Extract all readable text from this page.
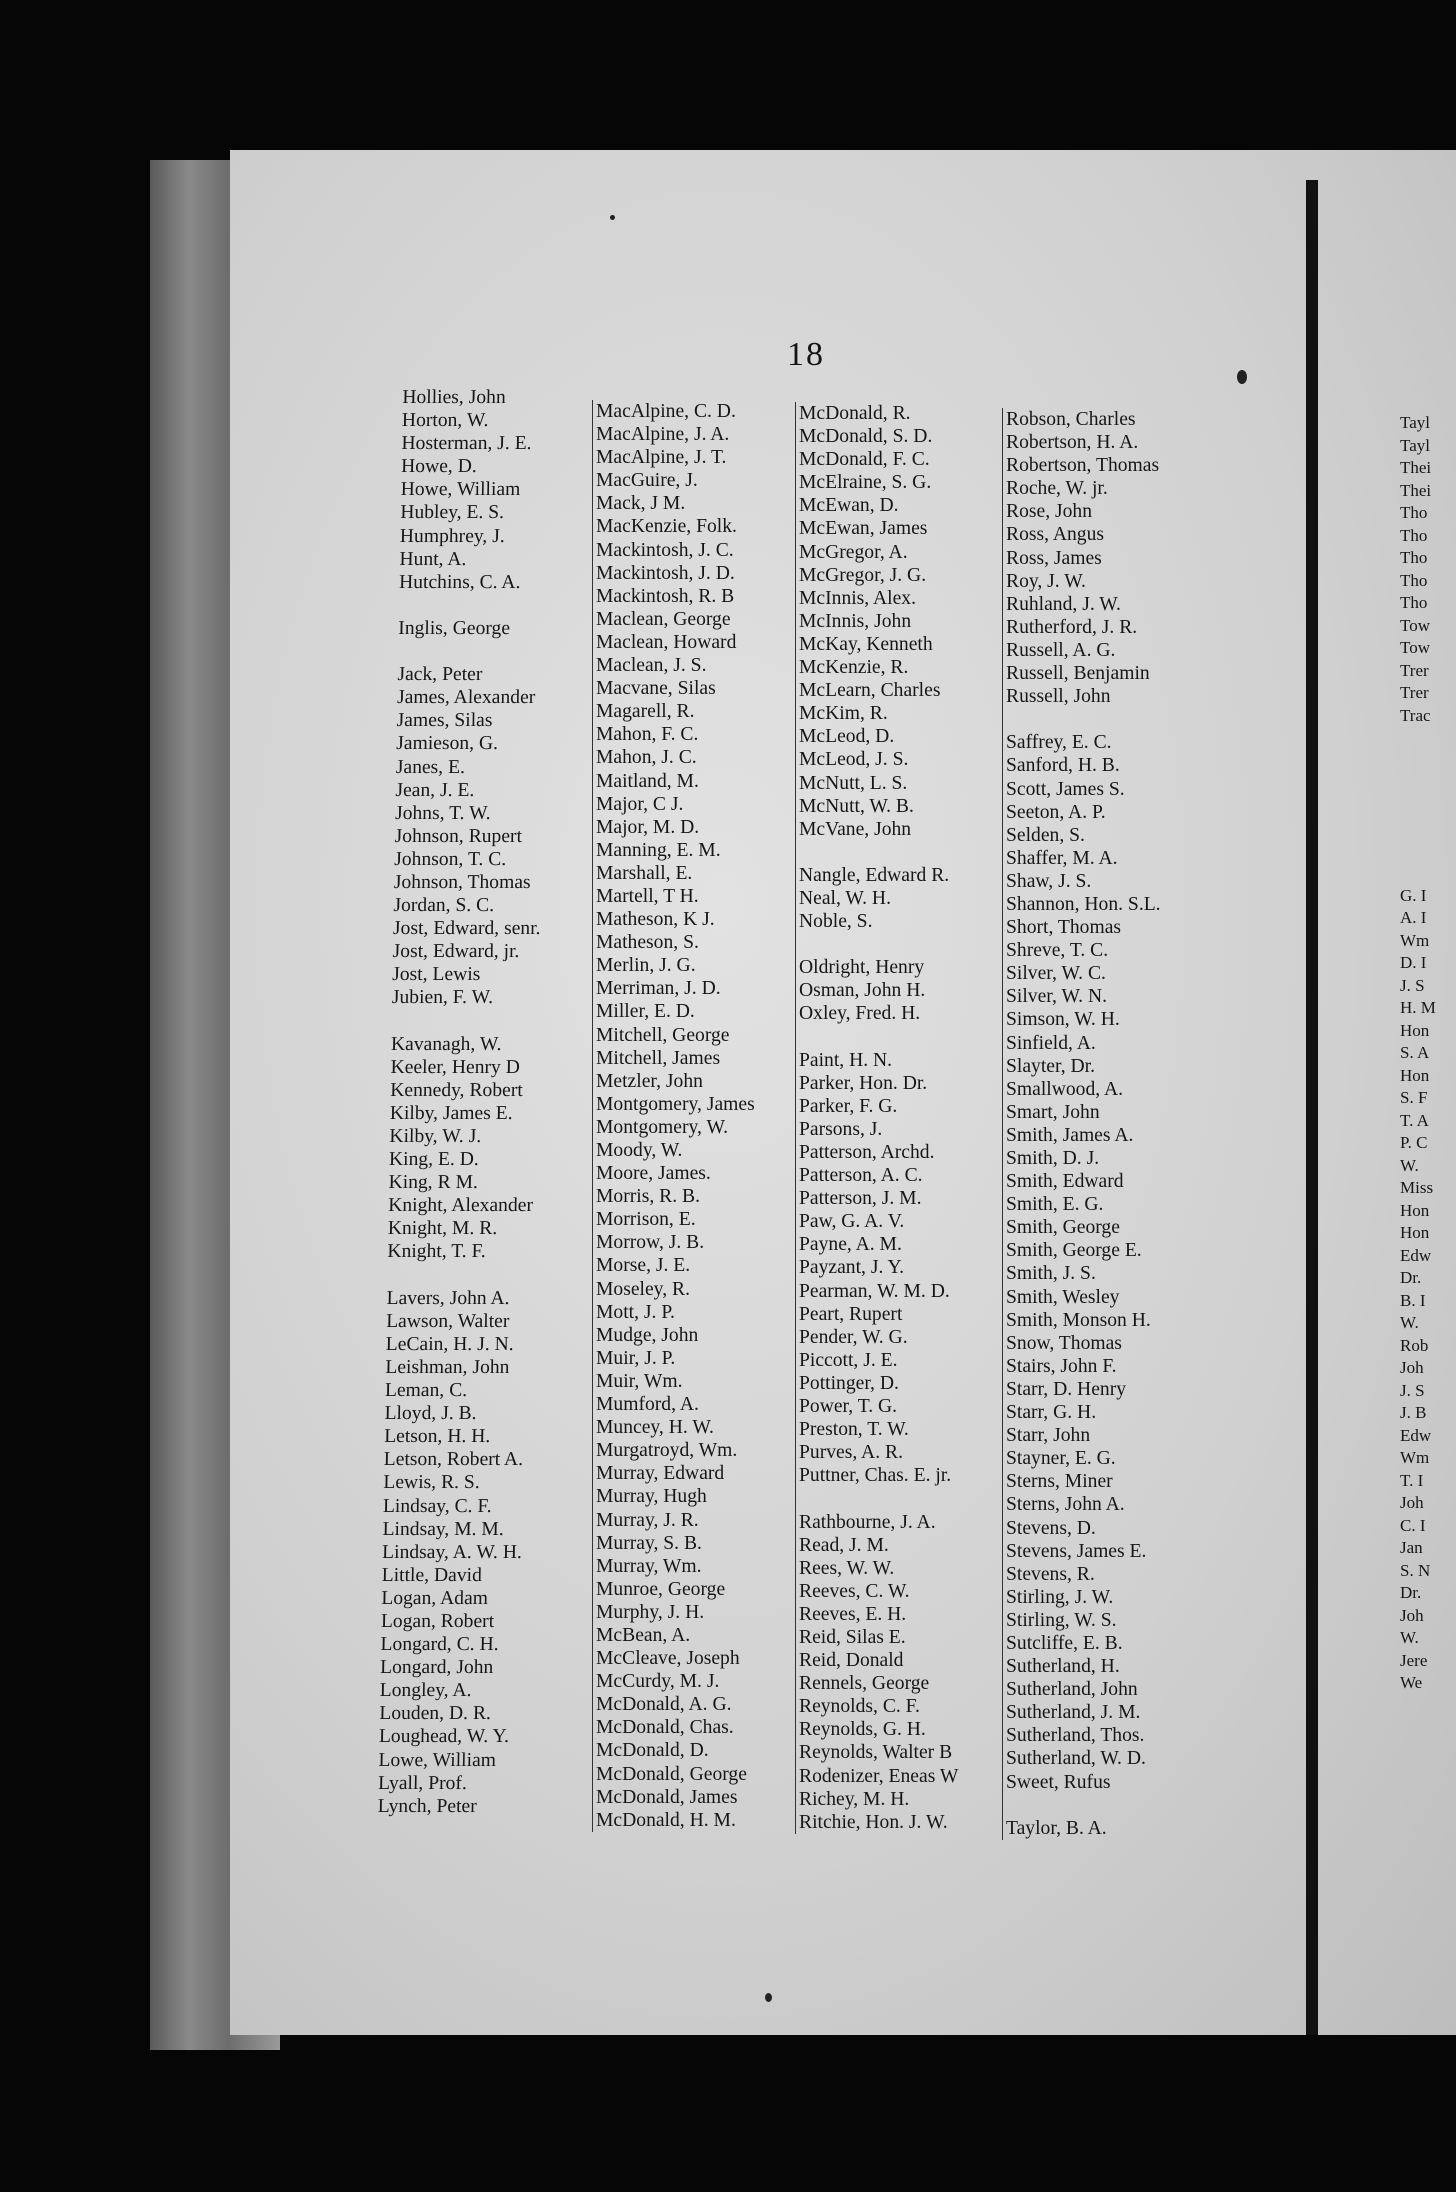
18
Hollies, John
Horton, W.
Hosterman, J. E.
Howe, D.
Howe, William
Hubley, E. S.
Humphrey, J.
Hunt, A.
Hutchins, C. A.
Inglis, George
Jack, Peter
James, Alexander
James, Silas
Jamieson, G.
Janes, E.
Jean, J. E.
Johns, T. W.
Johnson, Rupert
Johnson, T. C.
Johnson, Thomas
Jordan, S. C.
Jost, Edward, senr.
Jost, Edward, jr.
Jost, Lewis
Jubien, F. W.
Kavanagh, W.
Keeler, Henry D
Kennedy, Robert
Kilby, James E.
Kilby, W. J.
King, E. D.
King, R M.
Knight, Alexander
Knight, M. R.
Knight, T. F.
Lavers, John A.
Lawson, Walter
LeCain, H. J. N.
Leishman, John
Leman, C.
Lloyd, J. B.
Letson, H. H.
Letson, Robert A.
Lewis, R. S.
Lindsay, C. F.
Lindsay, M. M.
Lindsay, A. W. H.
Little, David
Logan, Adam
Logan, Robert
Longard, C. H.
Longard, John
Longley, A.
Louden, D. R.
Loughead, W. Y.
Lowe, William
Lyall, Prof.
Lynch, Peter
MacAlpine, C. D.
MacAlpine, J. A.
MacAlpine, J. T.
MacGuire, J.
Mack, J M.
MacKenzie, Folk.
Mackintosh, J. C.
Mackintosh, J. D.
Mackintosh, R. B
Maclean, George
Maclean, Howard
Maclean, J. S.
Macvane, Silas
Magarell, R.
Mahon, F. C.
Mahon, J. C.
Maitland, M.
Major, C J.
Major, M. D.
Manning, E. M.
Marshall, E.
Martell, T H.
Matheson, K J.
Matheson, S.
Merlin, J. G.
Merriman, J. D.
Miller, E. D.
Mitchell, George
Mitchell, James
Metzler, John
Montgomery, James
Montgomery, W.
Moody, W.
Moore, James.
Morris, R. B.
Morrison, E.
Morrow, J. B.
Morse, J. E.
Moseley, R.
Mott, J. P.
Mudge, John
Muir, J. P.
Muir, Wm.
Mumford, A.
Muncey, H. W.
Murgatroyd, Wm.
Murray, Edward
Murray, Hugh
Murray, J. R.
Murray, S. B.
Murray, Wm.
Munroe, George
Murphy, J. H.
McBean, A.
McCleave, Joseph
McCurdy, M. J.
McDonald, A. G.
McDonald, Chas.
McDonald, D.
McDonald, George
McDonald, James
McDonald, H. M.
McDonald, R.
McDonald, S. D.
McDonald, F. C.
McElraine, S. G.
McEwan, D.
McEwan, James
McGregor, A.
McGregor, J. G.
McInnis, Alex.
McInnis, John
McKay, Kenneth
McKenzie, R.
McLearn, Charles
McKim, R.
McLeod, D.
McLeod, J. S.
McNutt, L. S.
McNutt, W. B.
McVane, John
Nangle, Edward R.
Neal, W. H.
Noble, S.
Oldright, Henry
Osman, John H.
Oxley, Fred. H.
Paint, H. N.
Parker, Hon. Dr.
Parker, F. G.
Parsons, J.
Patterson, Archd.
Patterson, A. C.
Patterson, J. M.
Paw, G. A. V.
Payne, A. M.
Payzant, J. Y.
Pearman, W. M. D.
Peart, Rupert
Pender, W. G.
Piccott, J. E.
Pottinger, D.
Power, T. G.
Preston, T. W.
Purves, A. R.
Puttner, Chas. E. jr.
Rathbourne, J. A.
Read, J. M.
Rees, W. W.
Reeves, C. W.
Reeves, E. H.
Reid, Silas E.
Reid, Donald
Rennels, George
Reynolds, C. F.
Reynolds, G. H.
Reynolds, Walter B
Rodenizer, Eneas W
Richey, M. H.
Ritchie, Hon. J. W.
Robson, Charles
Robertson, H. A.
Robertson, Thomas
Roche, W. jr.
Rose, John
Ross, Angus
Ross, James
Roy, J. W.
Ruhland, J. W.
Rutherford, J. R.
Russell, A. G.
Russell, Benjamin
Russell, John
Saffrey, E. C.
Sanford, H. B.
Scott, James S.
Seeton, A. P.
Selden, S.
Shaffer, M. A.
Shaw, J. S.
Shannon, Hon. S.L.
Short, Thomas
Shreve, T. C.
Silver, W. C.
Silver, W. N.
Simson, W. H.
Sinfield, A.
Slayter, Dr.
Smallwood, A.
Smart, John
Smith, James A.
Smith, D. J.
Smith, Edward
Smith, E. G.
Smith, George
Smith, George E.
Smith, J. S.
Smith, Wesley
Smith, Monson H.
Snow, Thomas
Stairs, John F.
Starr, D. Henry
Starr, G. H.
Starr, John
Stayner, E. G.
Sterns, Miner
Sterns, John A.
Stevens, D.
Stevens, James E.
Stevens, R.
Stirling, J. W.
Stirling, W. S.
Sutcliffe, E. B.
Sutherland, H.
Sutherland, John
Sutherland, J. M.
Sutherland, Thos.
Sutherland, W. D.
Sweet, Rufus
Taylor, B. A.
Tayl
Tayl
Thei
Thei
Tho
Tho
Tho
Tho
Tho
Tow
Tow
Trer
Trer
Trac
G. I
A. I
Wm
D. I
J. S
H. M
Hon
S. A
Hon
S. F
T. A
P. C
W.
Miss
Hon
Hon
Edw
Dr.
B. I
W.
Rob
Joh
J. S
J. B
Edw
Wm
T. I
Joh
C. I
Jan
S. N
Dr.
Joh
W.
Jere
We
